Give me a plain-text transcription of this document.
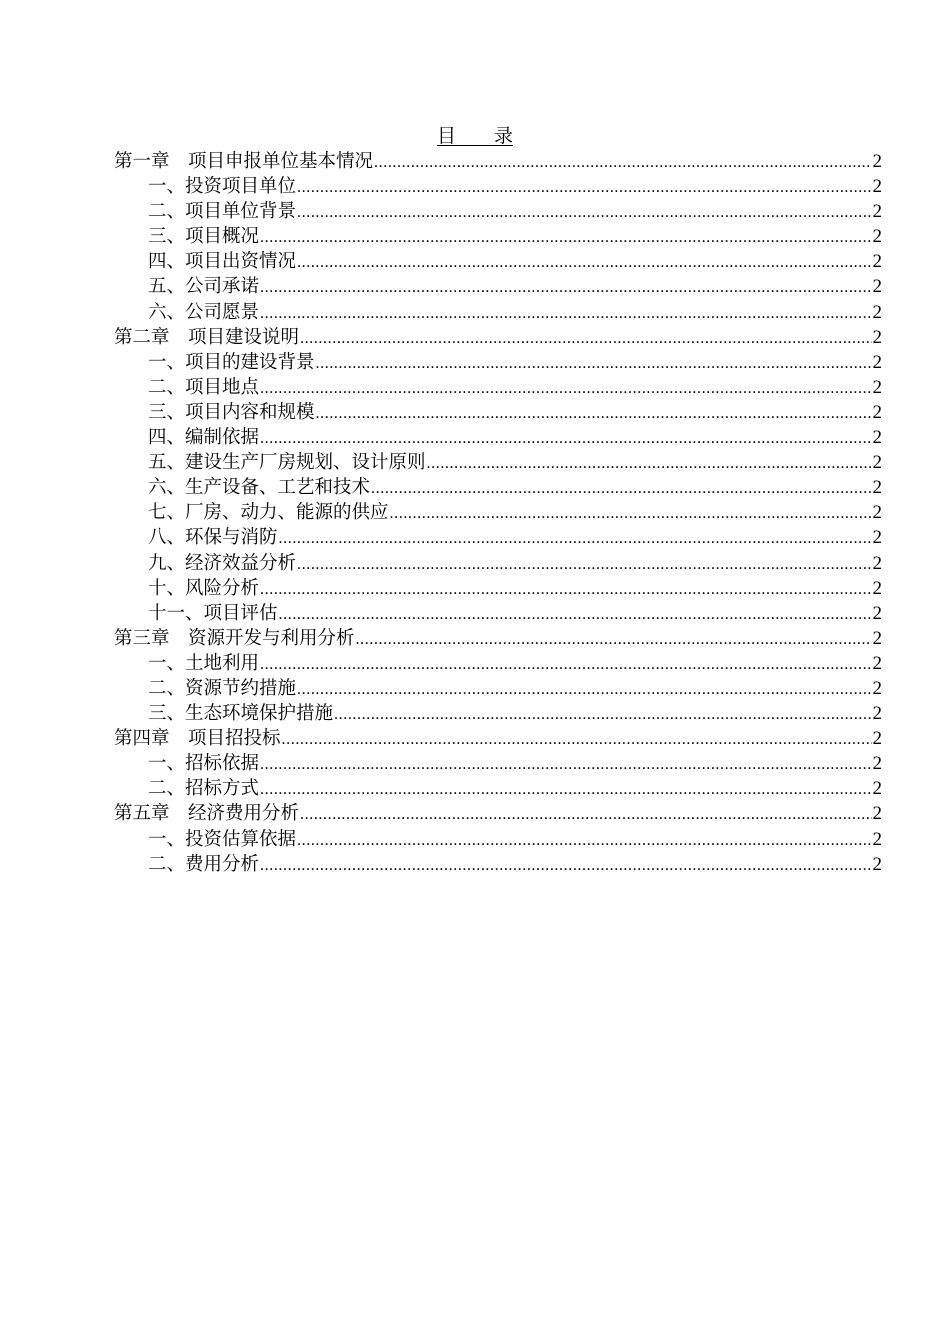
目　　录
第一章　项目申报单位基本情况 .....	2
一、投资项目单位 .....	2
二、项目单位背景 .....	2
三、项目概况 .....	2
四、项目出资情况 .....	2
五、公司承诺 .....	2
六、公司愿景 .....	2
第二章　项目建设说明 .....	2
一、项目的建设背景 .....	2
二、项目地点 .....	2
三、项目内容和规模 .....	2
四、编制依据 .....	2
五、建设生产厂房规划、设计原则 .....	2
六、生产设备、工艺和技术 .....	2
七、厂房、动力、能源的供应 .....	2
八、环保与消防 .....	2
九、经济效益分析 .....	2
十、风险分析 .....	2
十一、项目评估 .....	2
第三章　资源开发与利用分析 .....	2
一、土地利用 .....	2
二、资源节约措施 .....	2
三、生态环境保护措施 .....	2
第四章　项目招投标 .....	2
一、招标依据 .....	2
二、招标方式 .....	2
第五章　经济费用分析 .....	2
一、投资估算依据 .....	2
二、费用分析 .....	2
